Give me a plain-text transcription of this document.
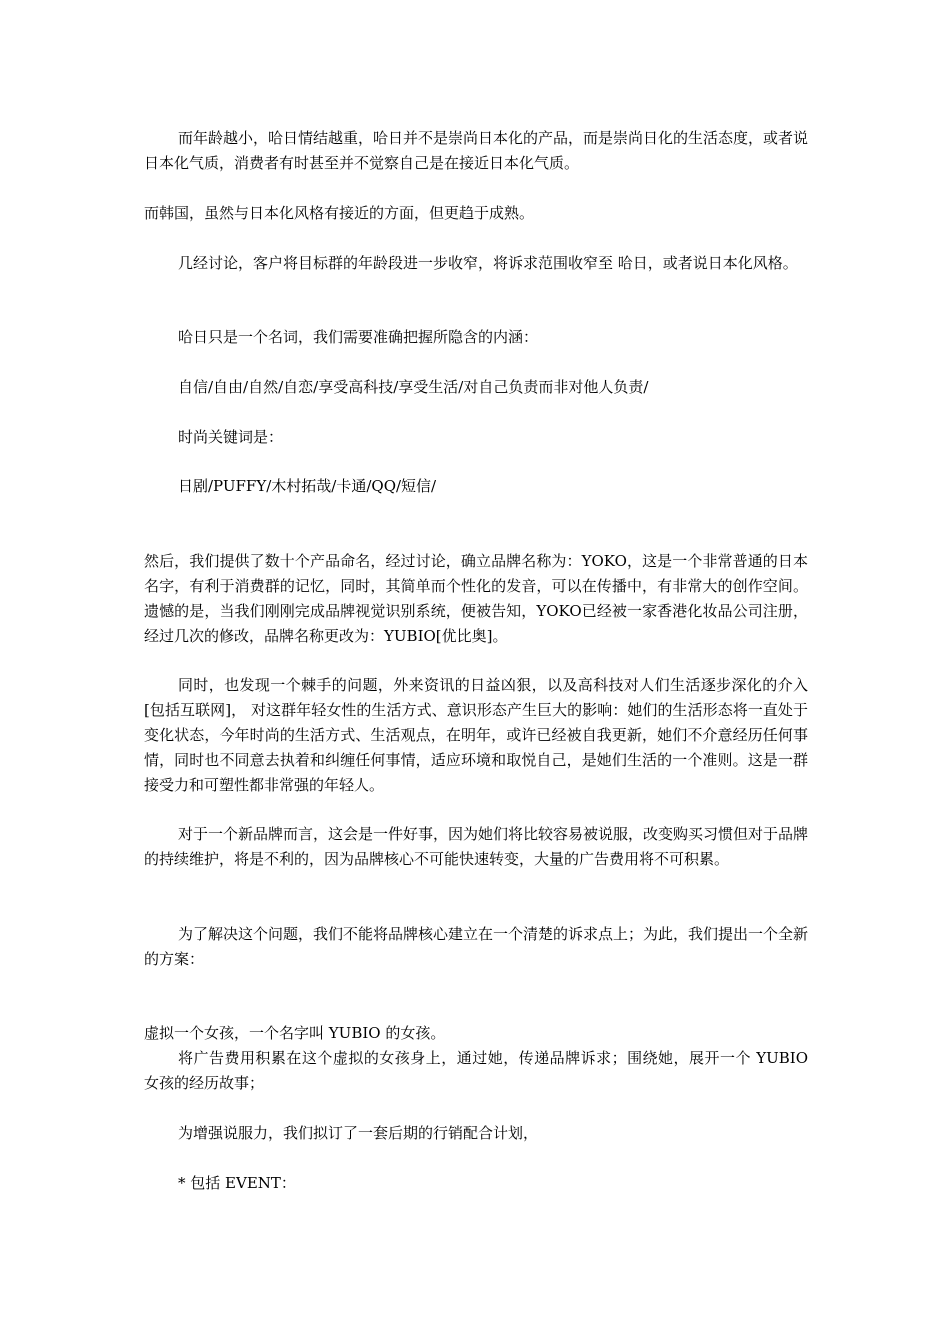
而年龄越小，哈日情结越重，哈日并不是崇尚日本化的产品，而是崇尚日化的生活态度，或者说日本化气质，消费者有时甚至并不觉察自己是在接近日本化气质。

而韩国，虽然与日本化风格有接近的方面，但更趋于成熟。

几经讨论，客户将目标群的年龄段进一步收窄，将诉求范围收窄至 哈日，或者说日本化风格。

哈日只是一个名词，我们需要准确把握所隐含的内涵：

自信/自由/自然/自恋/享受高科技/享受生活/对自己负责而非对他人负责/

时尚关键词是：

日剧/PUFFY/木村拓哉/卡通/QQ/短信/

然后，我们提供了数十个产品命名，经过讨论，确立品牌名称为：YOKO，这是一个非常普通的日本名字，有利于消费群的记忆，同时，其简单而个性化的发音，可以在传播中，有非常大的创作空间。遗憾的是，当我们刚刚完成品牌视觉识别系统，便被告知，YOKO已经被一家香港化妆品公司注册，经过几次的修改，品牌名称更改为：YUBIO[优比奥]。

同时，也发现一个棘手的问题，外来资讯的日益凶狠，以及高科技对人们生活逐步深化的介入[包括互联网]， 对这群年轻女性的生活方式、意识形态产生巨大的影响：她们的生活形态将一直处于变化状态，今年时尚的生活方式、生活观点，在明年，或许已经被自我更新，她们不介意经历任何事情，同时也不同意去执着和纠缠任何事情，适应环境和取悦自己，是她们生活的一个准则。这是一群接受力和可塑性都非常强的年轻人。

对于一个新品牌而言，这会是一件好事，因为她们将比较容易被说服，改变购买习惯但对于品牌的持续维护，将是不利的，因为品牌核心不可能快速转变，大量的广告费用将不可积累。

为了解决这个问题，我们不能将品牌核心建立在一个清楚的诉求点上；为此，我们提出一个全新的方案：

虚拟一个女孩，一个名字叫 YUBIO 的女孩。

将广告费用积累在这个虚拟的女孩身上，通过她，传递品牌诉求；围绕她，展开一个 YUBIO 女孩的经历故事；

为增强说服力，我们拟订了一套后期的行销配合计划，

* 包括 EVENT：
